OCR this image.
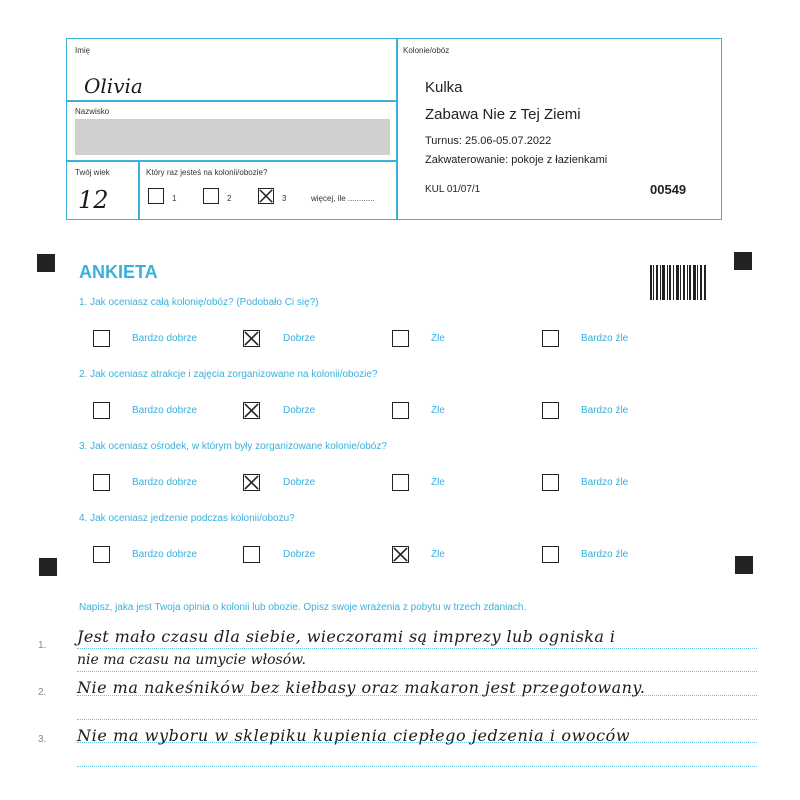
Imię
Olivia
Nazwisko
Twój wiek
12
Który raz jesteś na kolonii/obozie?
1	2	3	więcej, ile ............
Kolonie/obóz
Kulka
Zabawa Nie z Tej Ziemi
Turnus: 25.06-05.07.2022
Zakwaterowanie: pokoje z łazienkami
KUL 01/07/1	00549
ANKIETA
1. Jak oceniasz całą kolonię/obóz? (Podobało Ci się?)
2. Jak oceniasz atrakcje i zajęcia zorganizowane na kolonii/obozie?
3. Jak oceniasz ośrodek, w którym były zorganizowane kolonie/obóz?
4. Jak oceniasz jedzenie podczas kolonii/obozu?
Bardzo dobrze	Dobrze	Źle	Bardzo źle
Bardzo dobrze	Dobrze	Źle	Bardzo źle
Bardzo dobrze	Dobrze	Źle	Bardzo źle
Bardzo dobrze	Dobrze	Źle	Bardzo źle
Napisz, jaka jest Twoja opinia o kolonii lub obozie. Opisz swoje wrażenia z pobytu w trzech zdaniach.
1.
2.
3.
Jest mało czasu dla siebie, wieczorami są imprezy lub ogniska i
nie ma czasu na umycie włosów.
Nie ma nakeśników bez kiełbasy oraz makaron jest przegotowany.
Nie ma wyboru w sklepiku kupienia ciepłego jedzenia i owoców
